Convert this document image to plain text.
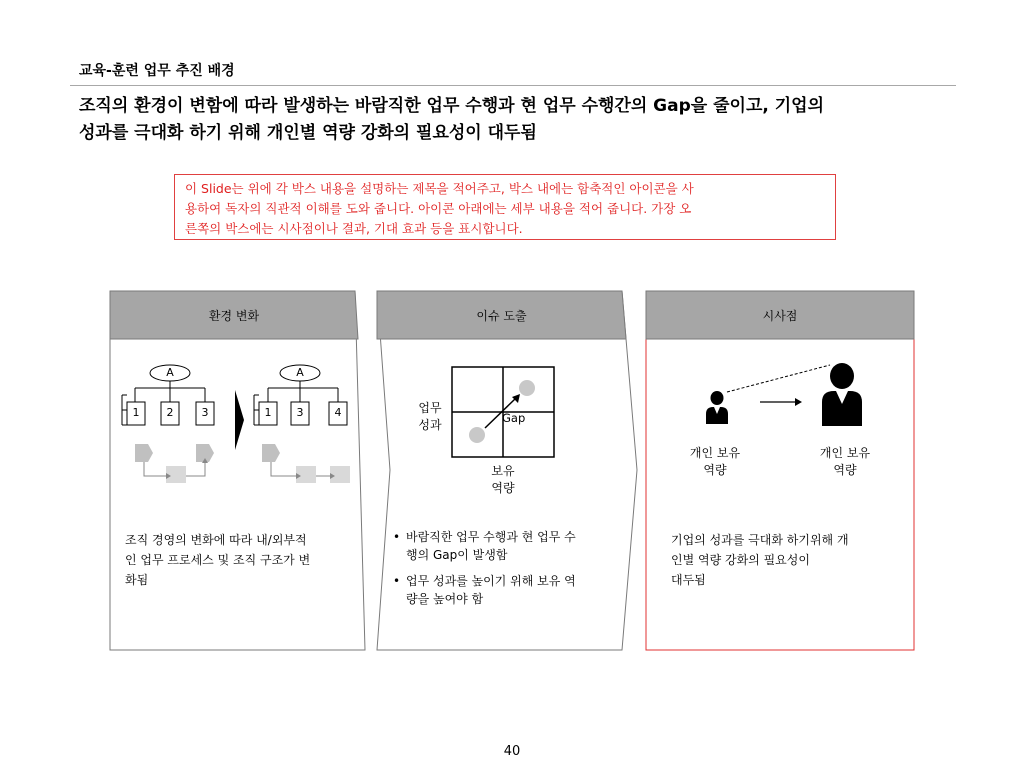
교육-훈련 업무 추진 배경
조직의 환경이 변함에 따라 발생하는 바람직한 업무 수행과 현 업무 수행간의 Gap을 줄이고, 기업의
성과를 극대화 하기 위해 개인별 역량 강화의 필요성이 대두됨
이 Slide는 위에 각 박스 내용을 설명하는 제목을 적어주고, 박스 내에는 함축적인 아이콘을 사
용하여 독자의 직관적 이해를 도와 줍니다. 아이콘 아래에는 세부 내용을 적어 줍니다. 가장 오
른쪽의 박스에는 시사점이나 결과, 기대 효과 등을 표시합니다.
환경 변화	이슈 도출	시사점
A
1	2	3
A
1	3	4
조직 경영의 변화에 따라 내/외부적
인 업무 프로세스 및 조직 구조가 변
화됨
업무
성과	Gap
보유
역량
• 바람직한 업무 수행과 현 업무 수
행의 Gap이 발생함
• 업무 성과를 높이기 위해 보유 역
량을 높여야 함
개인 보유
역량
개인 보유
역량
기업의 성과를 극대화 하기위해 개
인별 역량 강화의 필요성이
대두됨
40
